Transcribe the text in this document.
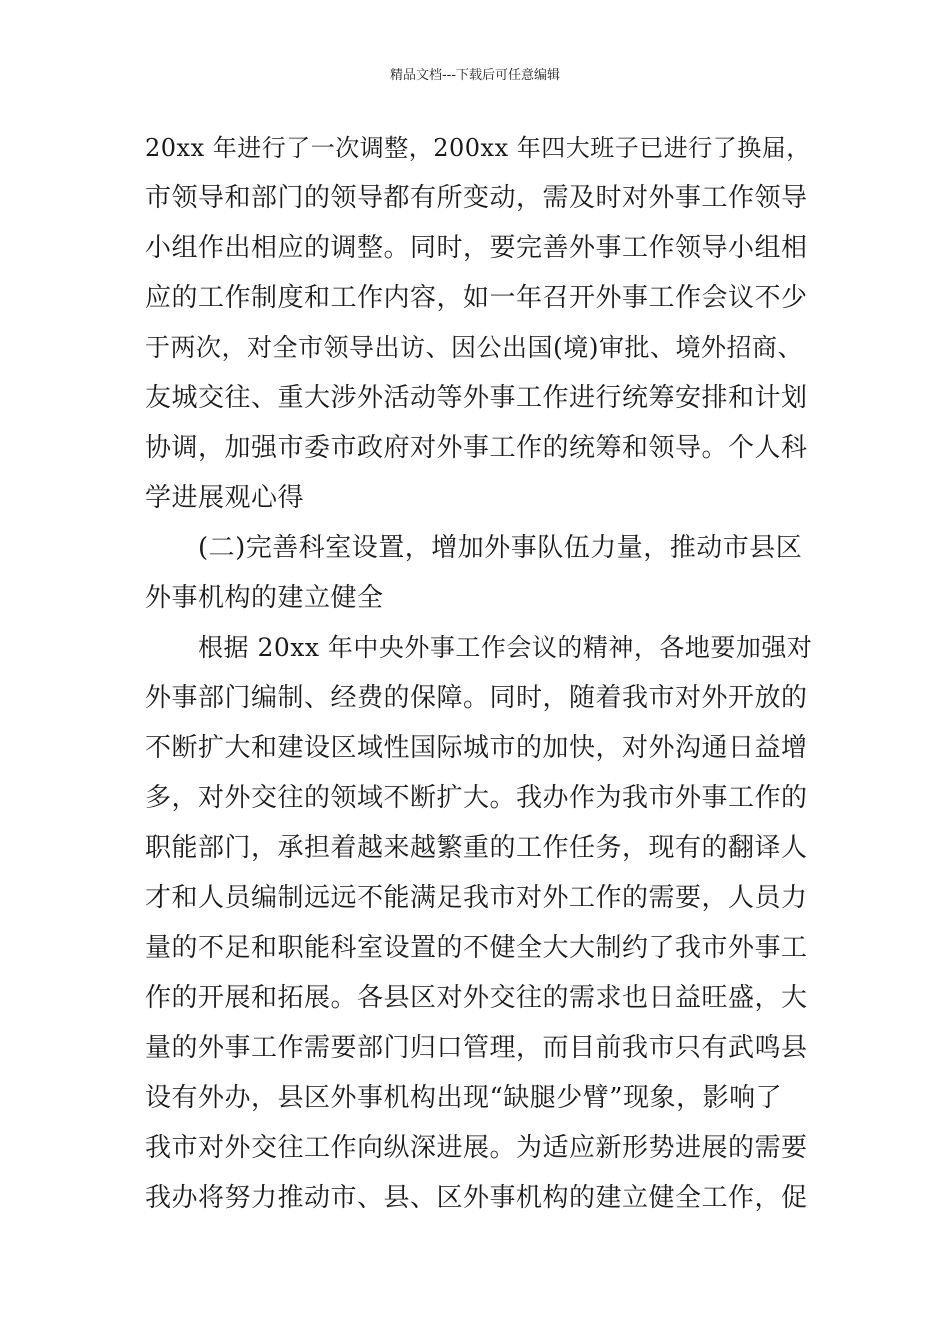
精品文档---下载后可任意编辑
20xx 年进行了一次调整，200xx 年四大班子已进行了换届，
市领导和部门的领导都有所变动，需及时对外事工作领导
小组作出相应的调整。同时，要完善外事工作领导小组相
应的工作制度和工作内容，如一年召开外事工作会议不少
于两次，对全市领导出访、因公出国(境)审批、境外招商、
友城交往、重大涉外活动等外事工作进行统筹安排和计划
协调，加强市委市政府对外事工作的统筹和领导。个人科
学进展观心得
(二)完善科室设置，增加外事队伍力量，推动市县区
外事机构的建立健全
根据 20xx 年中央外事工作会议的精神，各地要加强对
外事部门编制、经费的保障。同时，随着我市对外开放的
不断扩大和建设区域性国际城市的加快，对外沟通日益增
多，对外交往的领域不断扩大。我办作为我市外事工作的
职能部门，承担着越来越繁重的工作任务，现有的翻译人
才和人员编制远远不能满足我市对外工作的需要，人员力
量的不足和职能科室设置的不健全大大制约了我市外事工
作的开展和拓展。各县区对外交往的需求也日益旺盛，大
量的外事工作需要部门归口管理，而目前我市只有武鸣县
设有外办，县区外事机构出现“缺腿少臂”现象，影响了
我市对外交往工作向纵深进展。为适应新形势进展的需要
我办将努力推动市、县、区外事机构的建立健全工作，促
